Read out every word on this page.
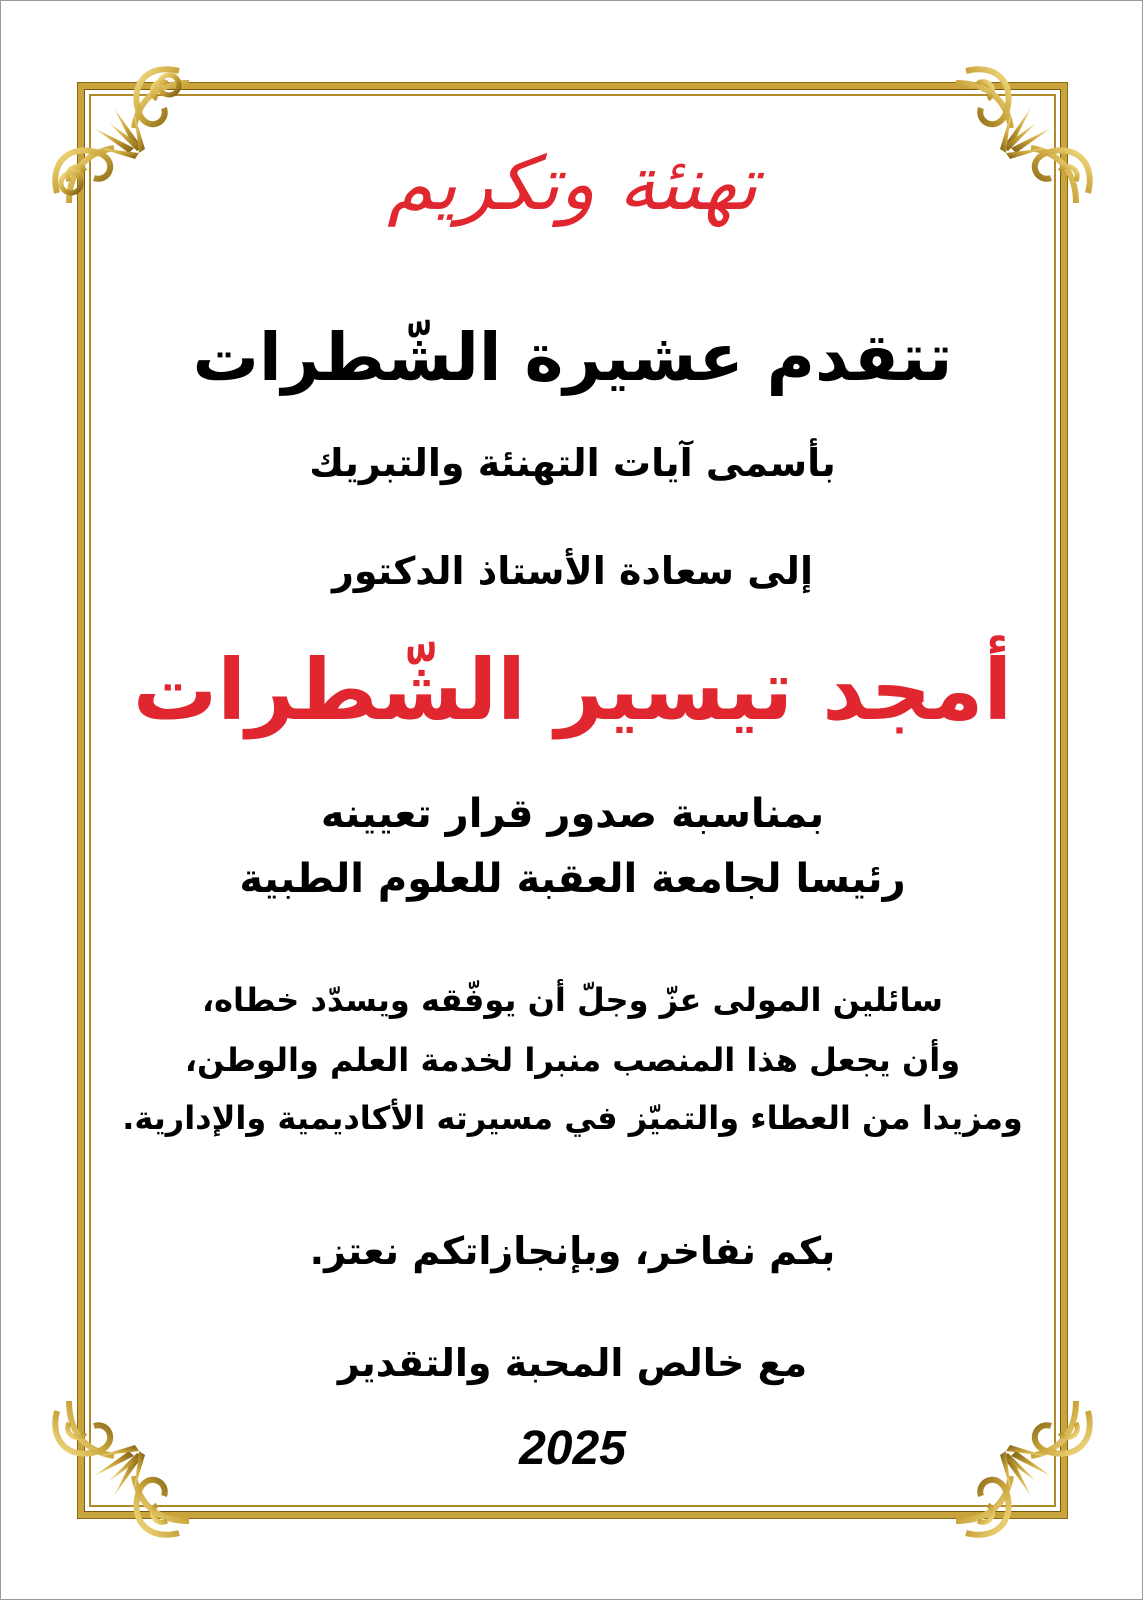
تهنئة وتكريم
تتقدم عشيرة الشّطرات
بأسمى آيات التهنئة والتبريك
إلى سعادة الأستاذ الدكتور
أمجد تيسير الشّطرات
بمناسبة صدور قرار تعيينه
رئيسا لجامعة العقبة للعلوم الطبية
سائلين المولى عزّ وجلّ أن يوفّقه ويسدّد خطاه،
وأن يجعل هذا المنصب منبرا لخدمة العلم والوطن،
ومزيدا من العطاء والتميّز في مسيرته الأكاديمية والإدارية.
بكم نفاخر، وبإنجازاتكم نعتز.
مع خالص المحبة والتقدير
2025
